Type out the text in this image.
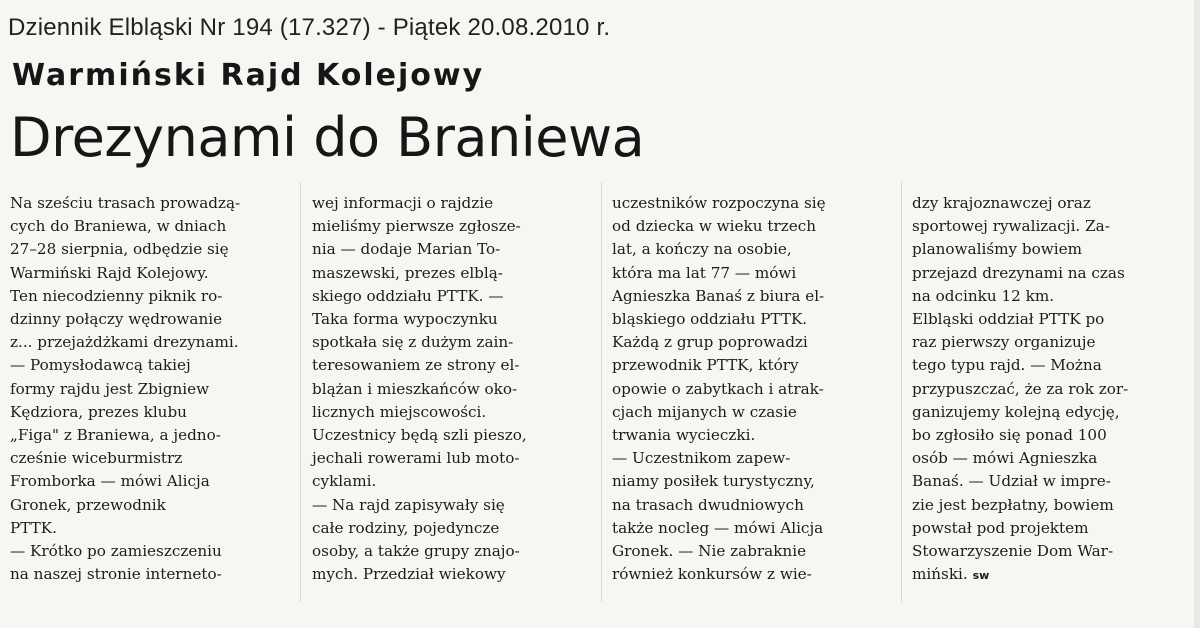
Dziennik Elbląski Nr 194 (17.327) - Piątek 20.08.2010 r.
Warmiński Rajd Kolejowy
Drezynami do Braniewa
Na sześciu trasach prowadzą-
cych do Braniewa, w dniach
27–28 sierpnia, odbędzie się
Warmiński Rajd Kolejowy.
Ten niecodzienny piknik ro-
dzinny połączy wędrowanie
z... przejażdżkami drezynami.
— Pomysłodawcą takiej
formy rajdu jest Zbigniew
Kędziora, prezes klubu
„Figa" z Braniewa, a jedno-
cześnie wiceburmistrz
Fromborka — mówi Alicja
Gronek, przewodnik
PTTK.
— Krótko po zamieszczeniu
na naszej stronie interneto-
wej informacji o rajdzie
mieliśmy pierwsze zgłosze-
nia — dodaje Marian To-
maszewski, prezes elblą-
skiego oddziału PTTK. —
Taka forma wypoczynku
spotkała się z dużym zain-
teresowaniem ze strony el-
blążan i mieszkańców oko-
licznych miejscowości.
Uczestnicy będą szli pieszo,
jechali rowerami lub moto-
cyklami.
— Na rajd zapisywały się
całe rodziny, pojedyncze
osoby, a także grupy znajo-
mych. Przedział wiekowy
uczestników rozpoczyna się
od dziecka w wieku trzech
lat, a kończy na osobie,
która ma lat 77 — mówi
Agnieszka Banaś z biura el-
bląskiego oddziału PTTK.
Każdą z grup poprowadzi
przewodnik PTTK, który
opowie o zabytkach i atrak-
cjach mijanych w czasie
trwania wycieczki.
— Uczestnikom zapew-
niamy posiłek turystyczny,
na trasach dwudniowych
także nocleg — mówi Alicja
Gronek. — Nie zabraknie
również konkursów z wie-
dzy krajoznawczej oraz
sportowej rywalizacji. Za-
planowaliśmy bowiem
przejazd drezynami na czas
na odcinku 12 km.
Elbląski oddział PTTK po
raz pierwszy organizuje
tego typu rajd. — Można
przypuszczać, że za rok zor-
ganizujemy kolejną edycję,
bo zgłosiło się ponad 100
osób — mówi Agnieszka
Banaś. — Udział w impre-
zie jest bezpłatny, bowiem
powstał pod projektem
Stowarzyszenie Dom War-
miński. sw
